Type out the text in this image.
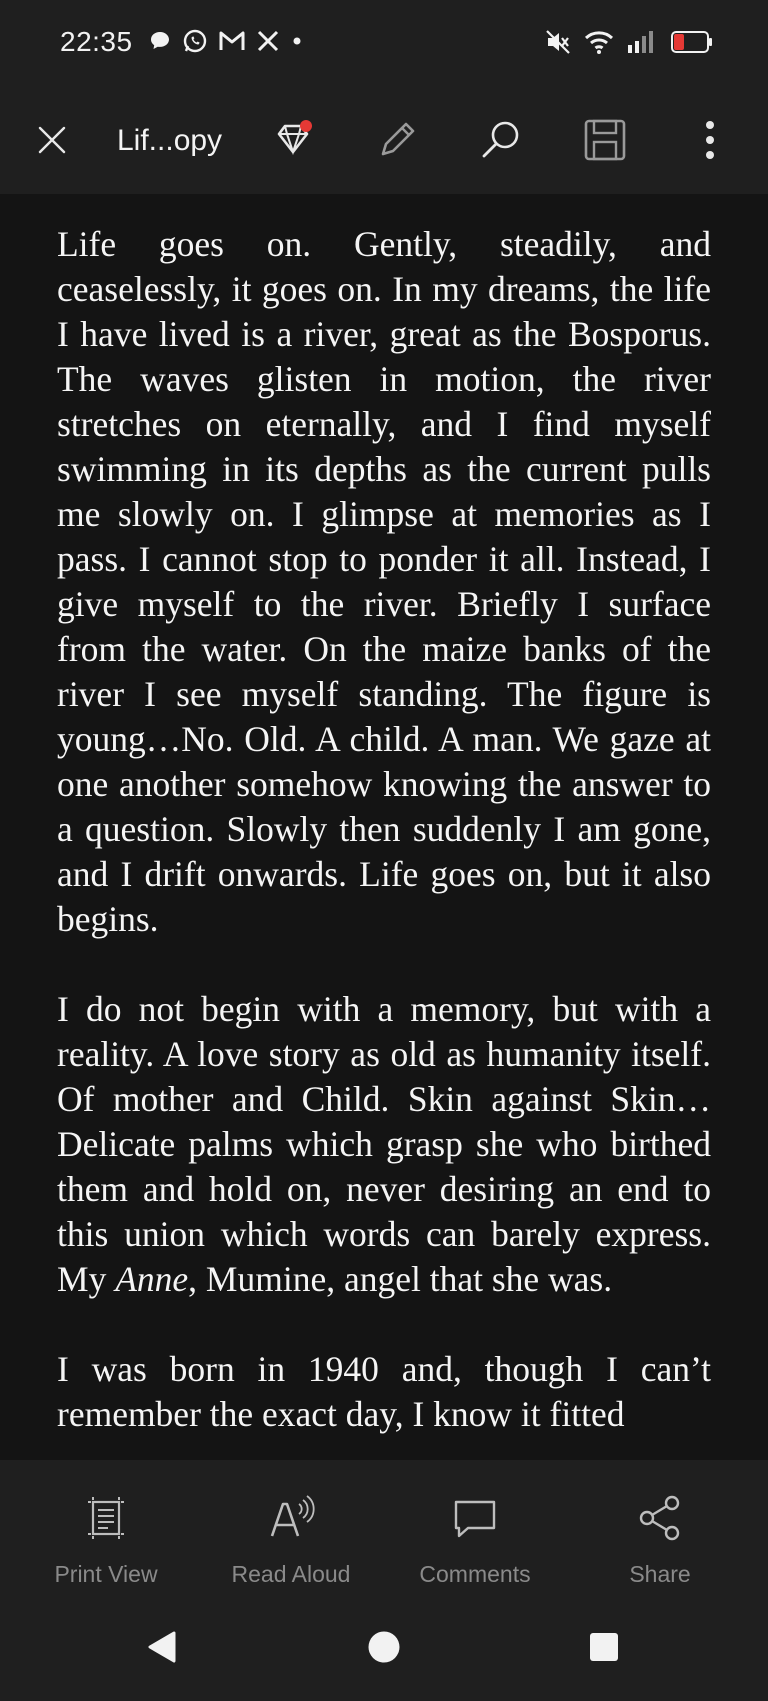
22:35
Lif...opy

Life goes on. Gently, steadily, and ceaselessly, it goes on. In my dreams, the life I have lived is a river, great as the Bosporus. The waves glisten in motion, the river stretches on eternally, and I find myself swimming in its depths as the current pulls me slowly on. I glimpse at memories as I pass. I cannot stop to ponder it all. Instead, I give myself to the river. Briefly I surface from the water. On the maize banks of the river I see myself standing. The figure is young…No. Old. A child. A man. We gaze at one another somehow knowing the answer to a question. Slowly then suddenly I am gone, and I drift onwards. Life goes on, but it also begins.

I do not begin with a memory, but with a reality. A love story as old as humanity itself. Of mother and Child. Skin against Skin…Delicate palms which grasp she who birthed them and hold on, never desiring an end to this union which words can barely express. My Anne, Mumine, angel that she was.

I was born in 1940 and, though I can’t remember the exact day, I know it fitted

Print View	Read Aloud	Comments	Share
